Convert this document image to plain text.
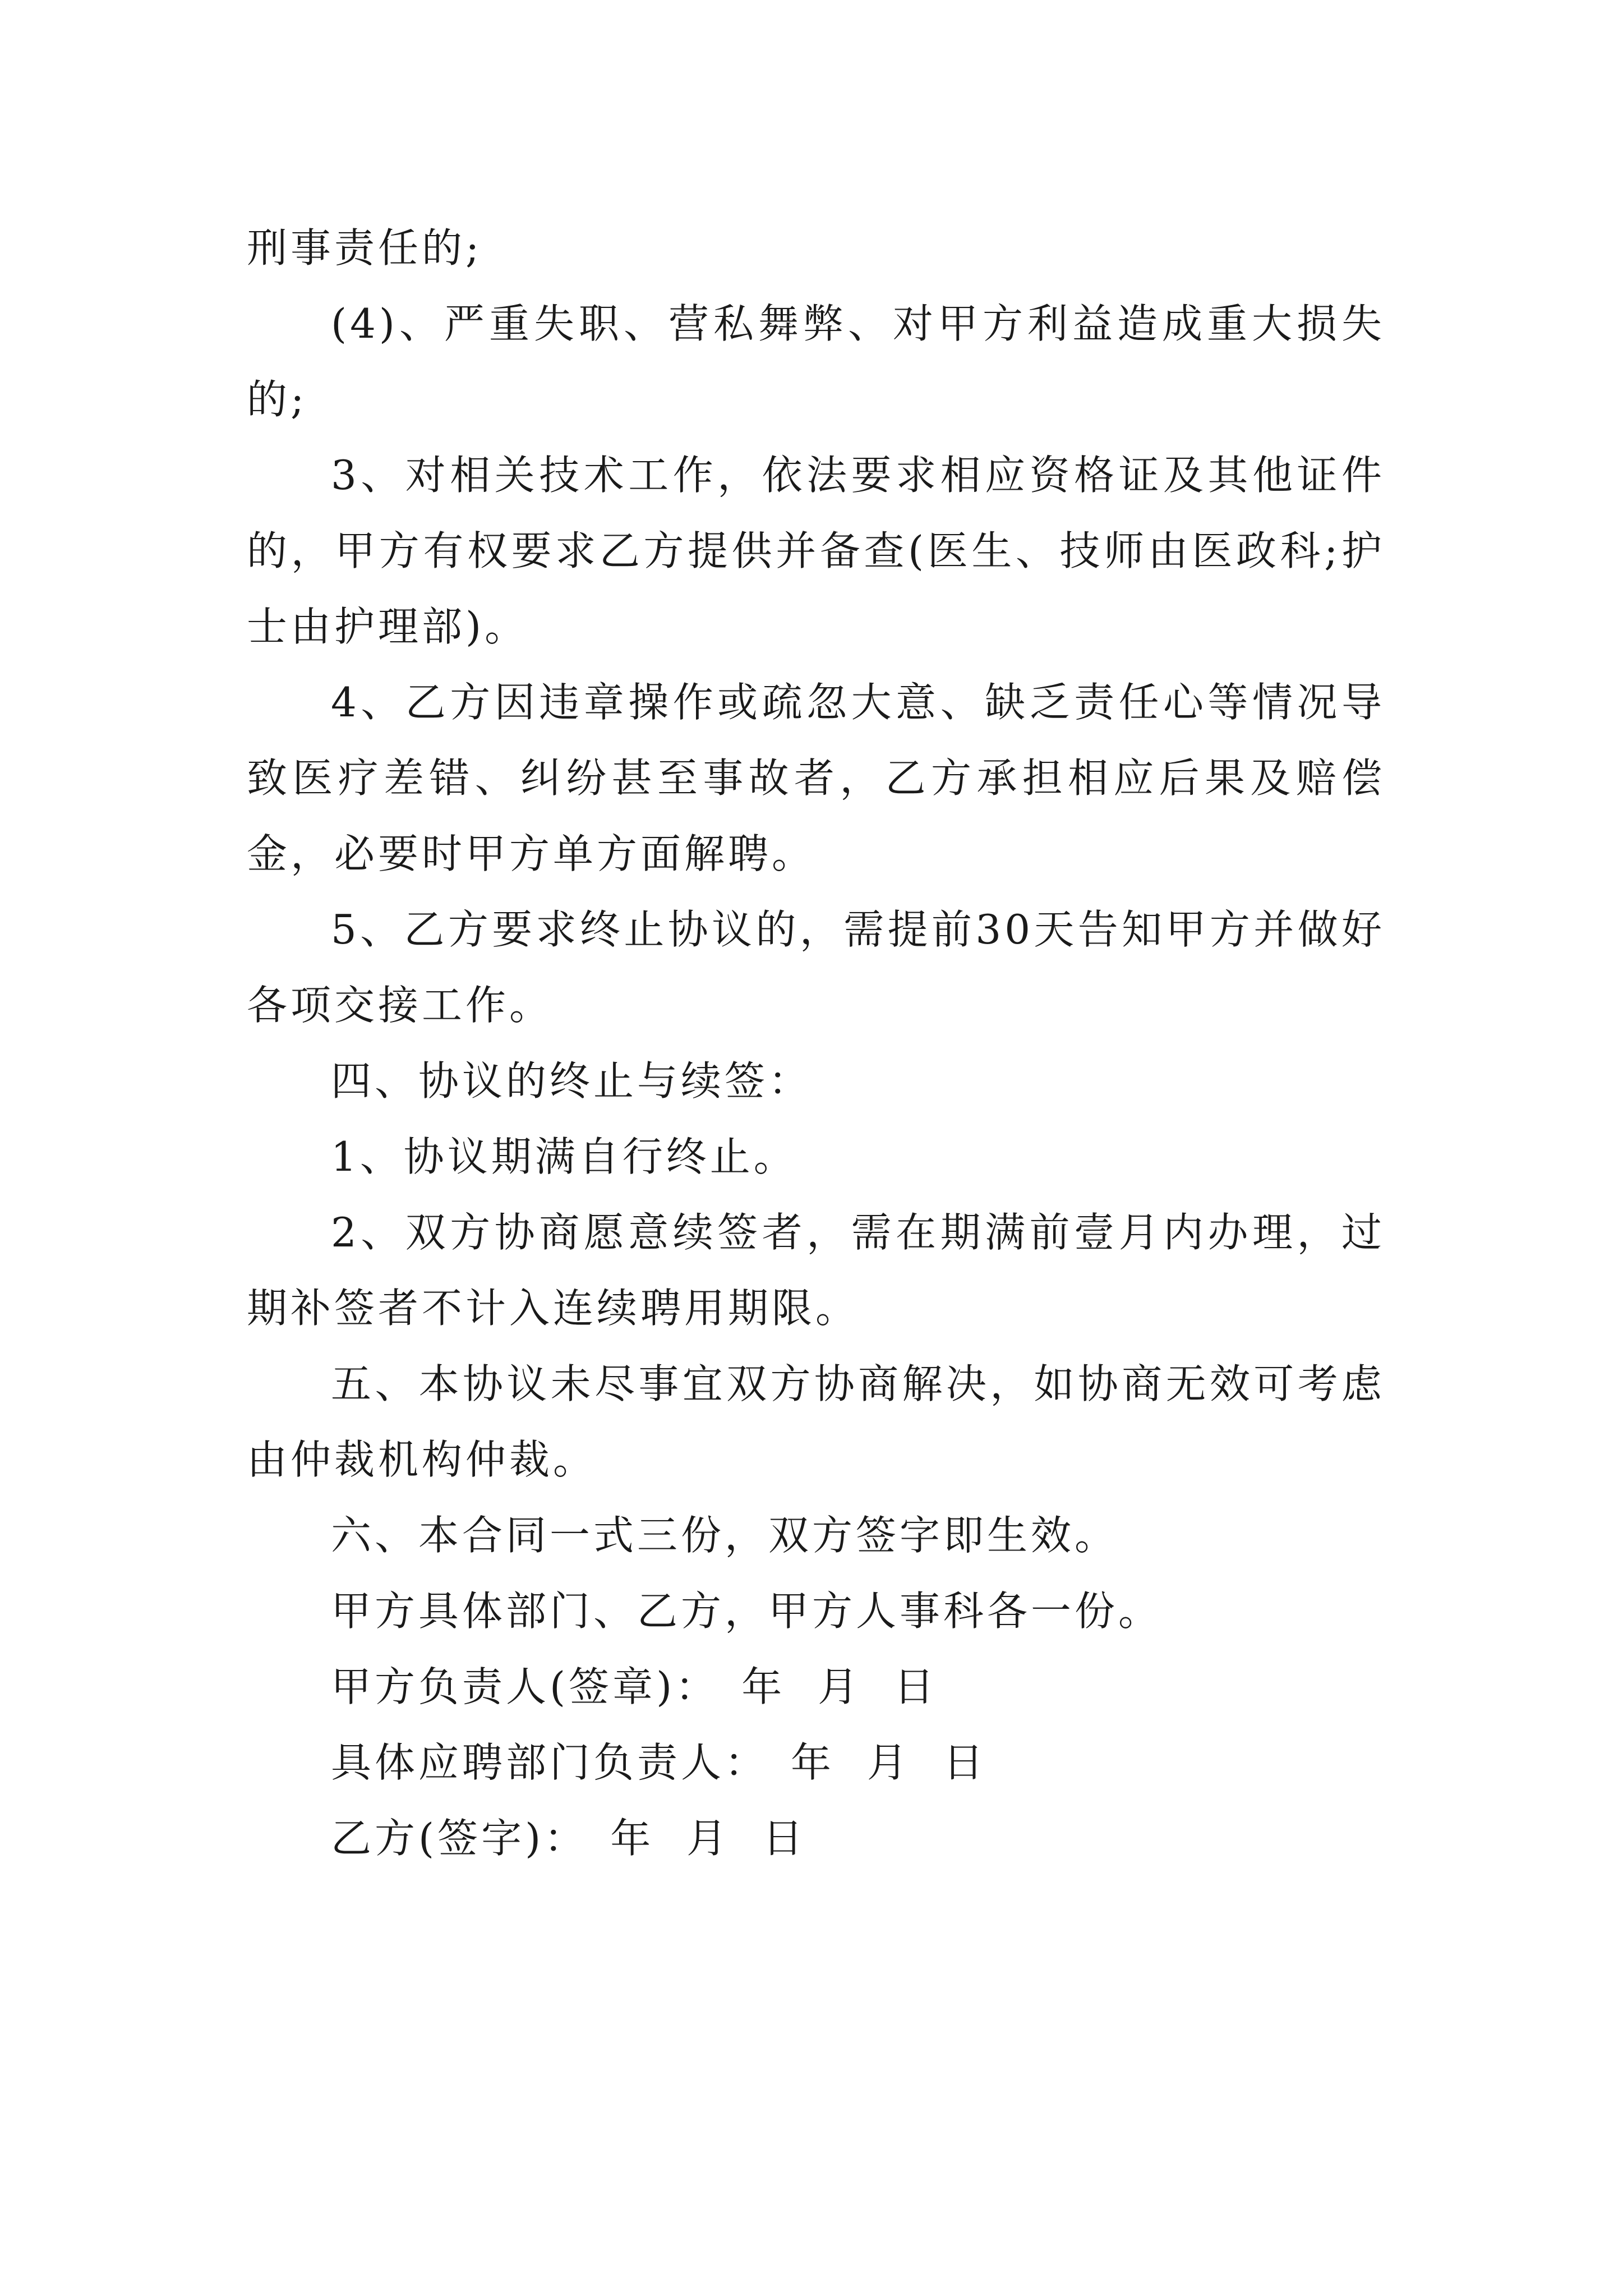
刑事责任的;

(4)、严重失职、营私舞弊、对甲方利益造成重大损失的;

3、对相关技术工作，依法要求相应资格证及其他证件的，甲方有权要求乙方提供并备查(医生、技师由医政科;护士由护理部)。

4、乙方因违章操作或疏忽大意、缺乏责任心等情况导致医疗差错、纠纷甚至事故者，乙方承担相应后果及赔偿金，必要时甲方单方面解聘。

5、乙方要求终止协议的，需提前30天告知甲方并做好各项交接工作。

四、协议的终止与续签：

1、协议期满自行终止。

2、双方协商愿意续签者，需在期满前壹月内办理，过期补签者不计入连续聘用期限。

五、本协议未尽事宜双方协商解决，如协商无效可考虑由仲裁机构仲裁。

六、本合同一式三份，双方签字即生效。

甲方具体部门、乙方，甲方人事科各一份。

甲方负责人(签章)： 年  月  日
具体应聘部门负责人： 年  月  日
乙方(签字)： 年  月  日
